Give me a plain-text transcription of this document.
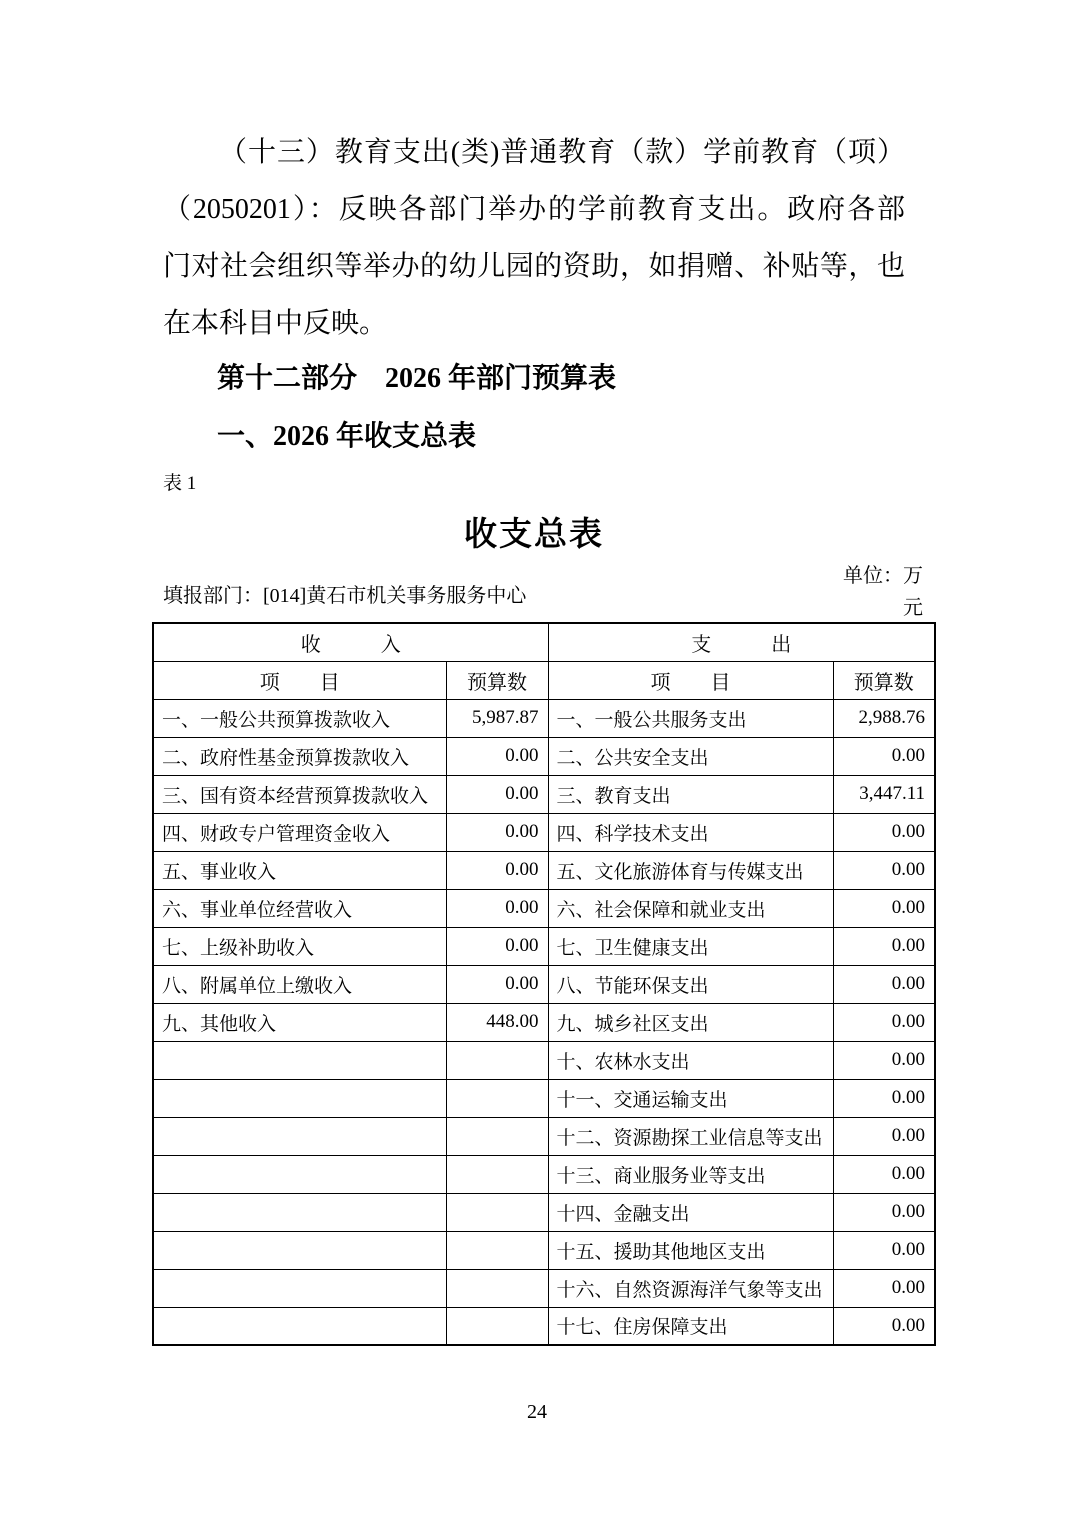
（十三）教育支出(类)普通教育（款）学前教育（项）
（2050201）：反映各部门举办的学前教育支出。政府各部
门对社会组织等举办的幼儿园的资助，如捐赠、补贴等，也
在本科目中反映。
第十二部分　2026 年部门预算表
一、2026 年收支总表
表 1
收支总表
填报部门：[014]黄石市机关事务服务中心
单位：万
元
收　　　入		支　　　出	
项　　目	预算数	项　　目	预算数
一、一般公共预算拨款收入	5,987.87	一、一般公共服务支出	2,988.76
二、政府性基金预算拨款收入	0.00	二、公共安全支出	0.00
三、国有资本经营预算拨款收入	0.00	三、教育支出	3,447.11
四、财政专户管理资金收入	0.00	四、科学技术支出	0.00
五、事业收入	0.00	五、文化旅游体育与传媒支出	0.00
六、事业单位经营收入	0.00	六、社会保障和就业支出	0.00
七、上级补助收入	0.00	七、卫生健康支出	0.00
八、附属单位上缴收入	0.00	八、节能环保支出	0.00
九、其他收入	448.00	九、城乡社区支出	0.00
		十、农林水支出	0.00
		十一、交通运输支出	0.00
		十二、资源勘探工业信息等支出	0.00
		十三、商业服务业等支出	0.00
		十四、金融支出	0.00
		十五、援助其他地区支出	0.00
		十六、自然资源海洋气象等支出	0.00
		十七、住房保障支出	0.00
24
